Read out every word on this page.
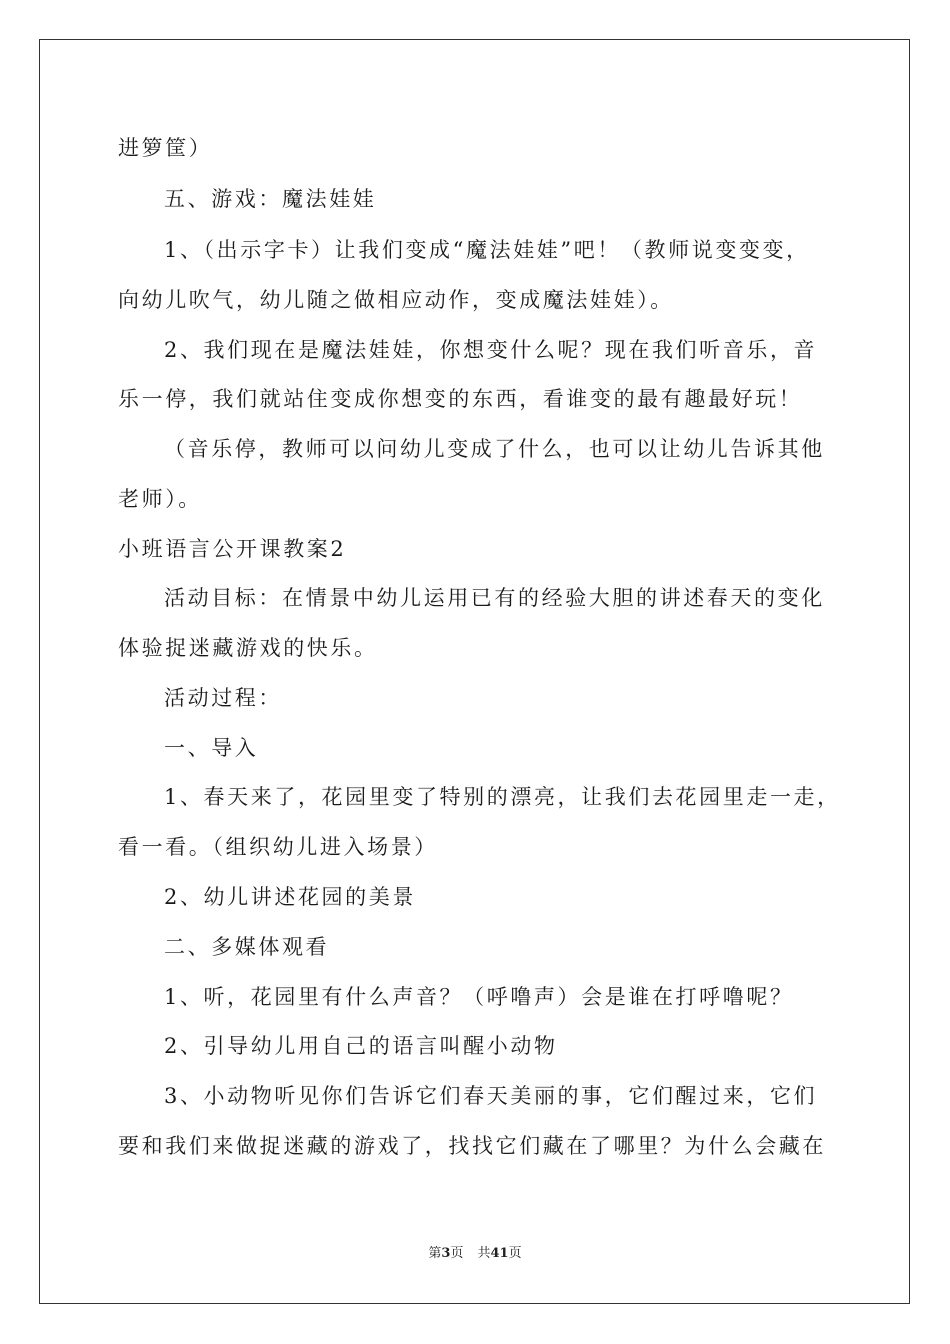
进箩筐）
五、游戏：魔法娃娃
1、（出示字卡）让我们变成“魔法娃娃”吧！（教师说变变变，
向幼儿吹气，幼儿随之做相应动作，变成魔法娃娃）。
2、我们现在是魔法娃娃，你想变什么呢？现在我们听音乐，音
乐一停，我们就站住变成你想变的东西，看谁变的最有趣最好玩！
（音乐停，教师可以问幼儿变成了什么，也可以让幼儿告诉其他
老师）。
小班语言公开课教案2
活动目标：在情景中幼儿运用已有的经验大胆的讲述春天的变化
体验捉迷藏游戏的快乐。
活动过程：
一、导入
1、春天来了，花园里变了特别的漂亮，让我们去花园里走一走，
看一看。（组织幼儿进入场景）
2、幼儿讲述花园的美景
二、多媒体观看
1、听，花园里有什么声音？（呼噜声）会是谁在打呼噜呢？
2、引导幼儿用自己的语言叫醒小动物
3、小动物听见你们告诉它们春天美丽的事，它们醒过来，它们
要和我们来做捉迷藏的游戏了，找找它们藏在了哪里？为什么会藏在
第3页 共41页
